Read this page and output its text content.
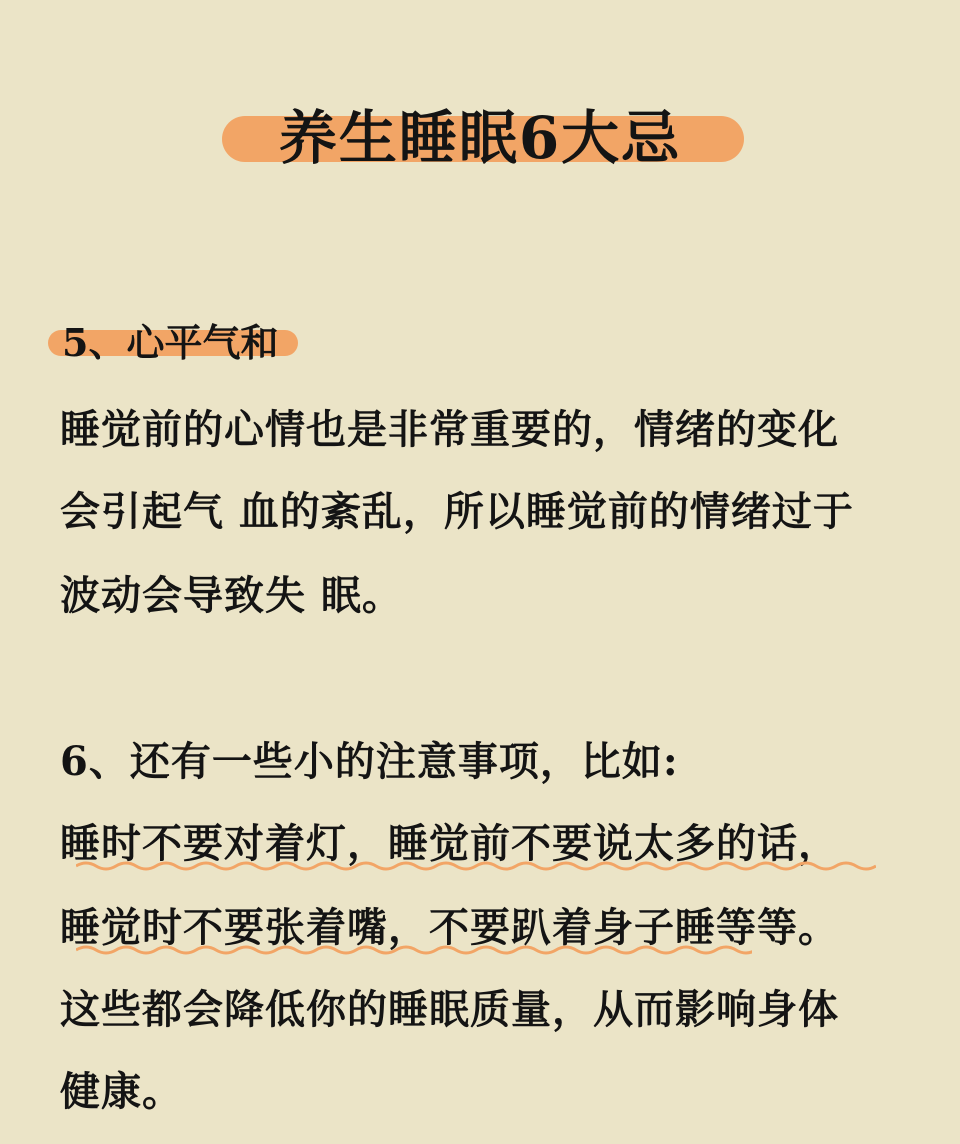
养生睡眠6大忌
5、心平气和
睡觉前的心情也是非常重要的，情绪的变化
会引起气 血的紊乱，所以睡觉前的情绪过于
波动会导致失 眠。
6、还有一些小的注意事项，比如:
睡时不要对着灯，睡觉前不要说太多的话，
睡觉时不要张着嘴，不要趴着身子睡等等。
这些都会降低你的睡眠质量，从而影响身体
健康。
